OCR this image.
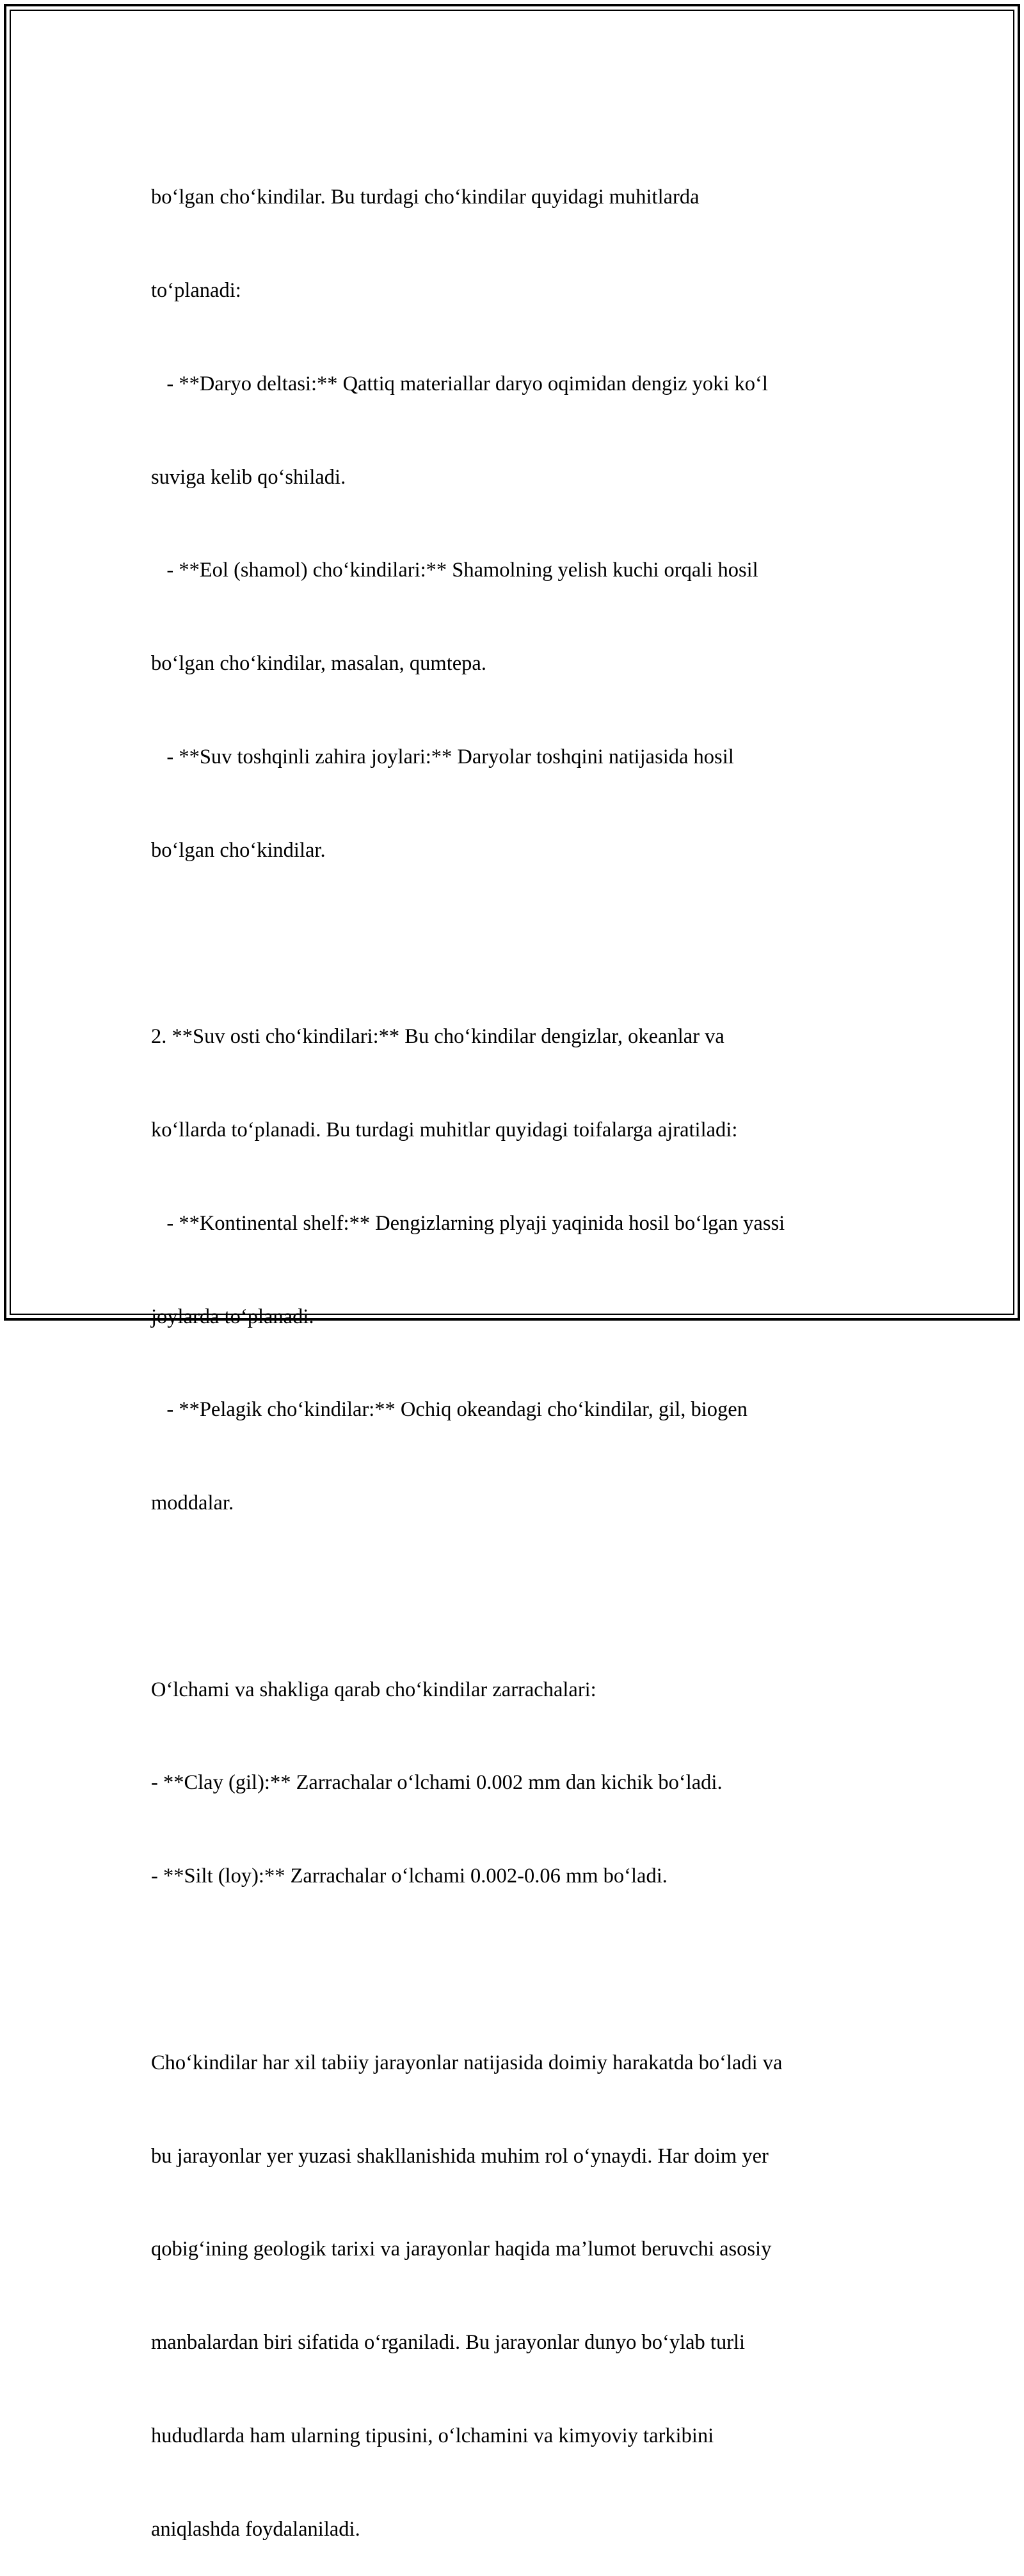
bo‘lgan cho‘kindilar. Bu turdagi cho‘kindilar quyidagi muhitlarda

to‘planadi:

- **Daryo deltasi:** Qattiq materiallar daryo oqimidan dengiz yoki ko‘l

suviga kelib qo‘shiladi.

- **Eol (shamol) cho‘kindilari:** Shamolning yelish kuchi orqali hosil

bo‘lgan cho‘kindilar, masalan, qumtepa.

- **Suv toshqinli zahira joylari:** Daryolar toshqini natijasida hosil

bo‘lgan cho‘kindilar.

2. **Suv osti cho‘kindilari:** Bu cho‘kindilar dengizlar, okeanlar va

ko‘llarda to‘planadi. Bu turdagi muhitlar quyidagi toifalarga ajratiladi:

- **Kontinental shelf:** Dengizlarning plyaji yaqinida hosil bo‘lgan yassi

joylarda to‘planadi.

- **Pelagik cho‘kindilar:** Ochiq okeandagi cho‘kindilar, gil, biogen

moddalar.

O‘lchami va shakliga qarab cho‘kindilar zarrachalari:

- **Clay (gil):** Zarrachalar o‘lchami 0.002 mm dan kichik bo‘ladi.

- **Silt (loy):** Zarrachalar o‘lchami 0.002-0.06 mm bo‘ladi.

Cho‘kindilar har xil tabiiy jarayonlar natijasida doimiy harakatda bo‘ladi va

bu jarayonlar yer yuzasi shakllanishida muhim rol o‘ynaydi. Har doim yer

qobig‘ining geologik tarixi va jarayonlar haqida ma’lumot beruvchi asosiy

manbalardan biri sifatida o‘rganiladi. Bu jarayonlar dunyo bo‘ylab turli

hududlarda ham ularning tipusini, o‘lchamini va kimyoviy tarkibini

aniqlashda foydalaniladi.
